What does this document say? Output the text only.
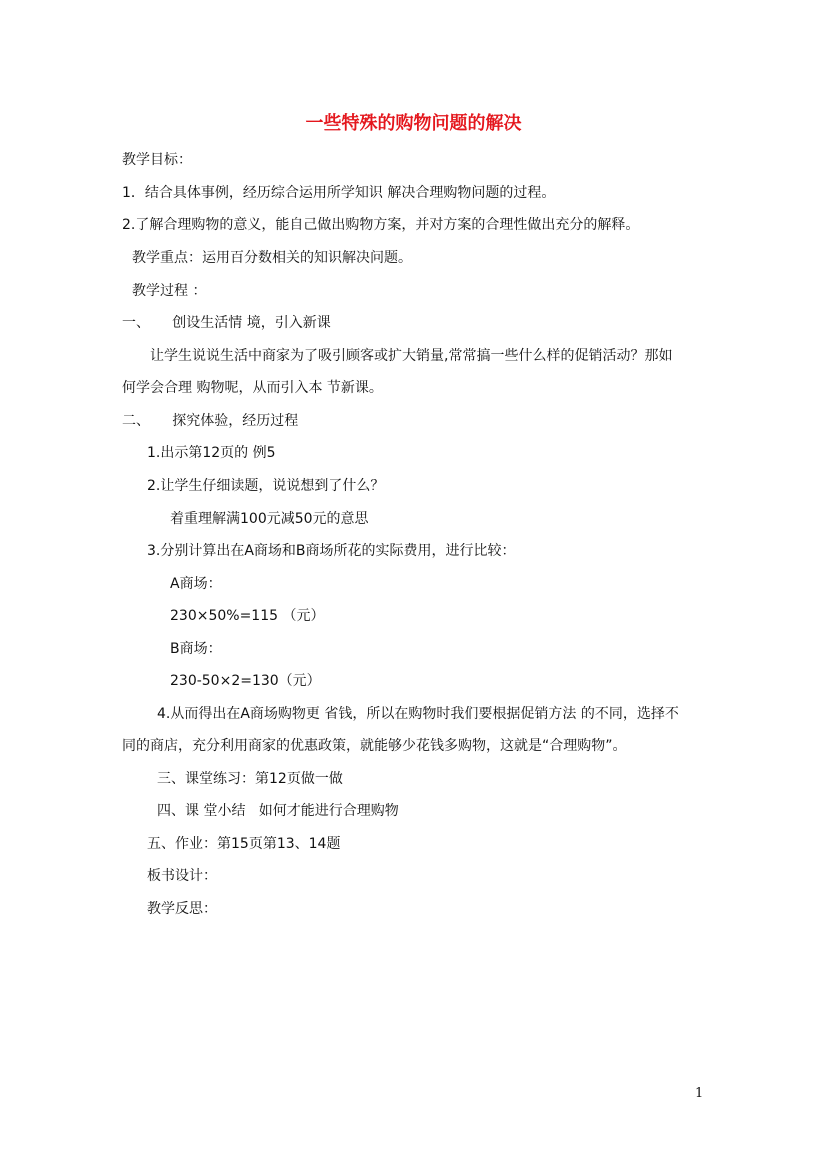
一些特殊的购物问题的解决
教学目标：
1．结合具体事例，经历综合运用所学知识 解决合理购物问题的过程。
2.了解合理购物的意义，能自己做出购物方案，并对方案的合理性做出充分的解释。
教学重点：运用百分数相关的知识解决问题。
教学过程 ：
一、     创设生活情 境，引入新课
让学生说说生活中商家为了吸引顾客或扩大销量,常常搞一些什么样的促销活动？那如
何学会合理 购物呢，从而引入本 节新课。
二、     探究体验，经历过程
1.出示第12页的 例5
2.让学生仔细读题，说说想到了什么？
着重理解满100元减50元的意思
3.分别计算出在A商场和B商场所花的实际费用，进行比较：
A商场：
230×50%=115 （元）
B商场：
230-50×2=130（元）
4.从而得出在A商场购物更 省钱，所以在购物时我们要根据促销方法 的不同，选择不
同的商店，充分利用商家的优惠政策，就能够少花钱多购物，这就是“合理购物”。
三、课堂练习：第12页做一做
四、课 堂小结   如何才能进行合理购物
五、作业：第15页第13、14题
板书设计：
教学反思：
1
